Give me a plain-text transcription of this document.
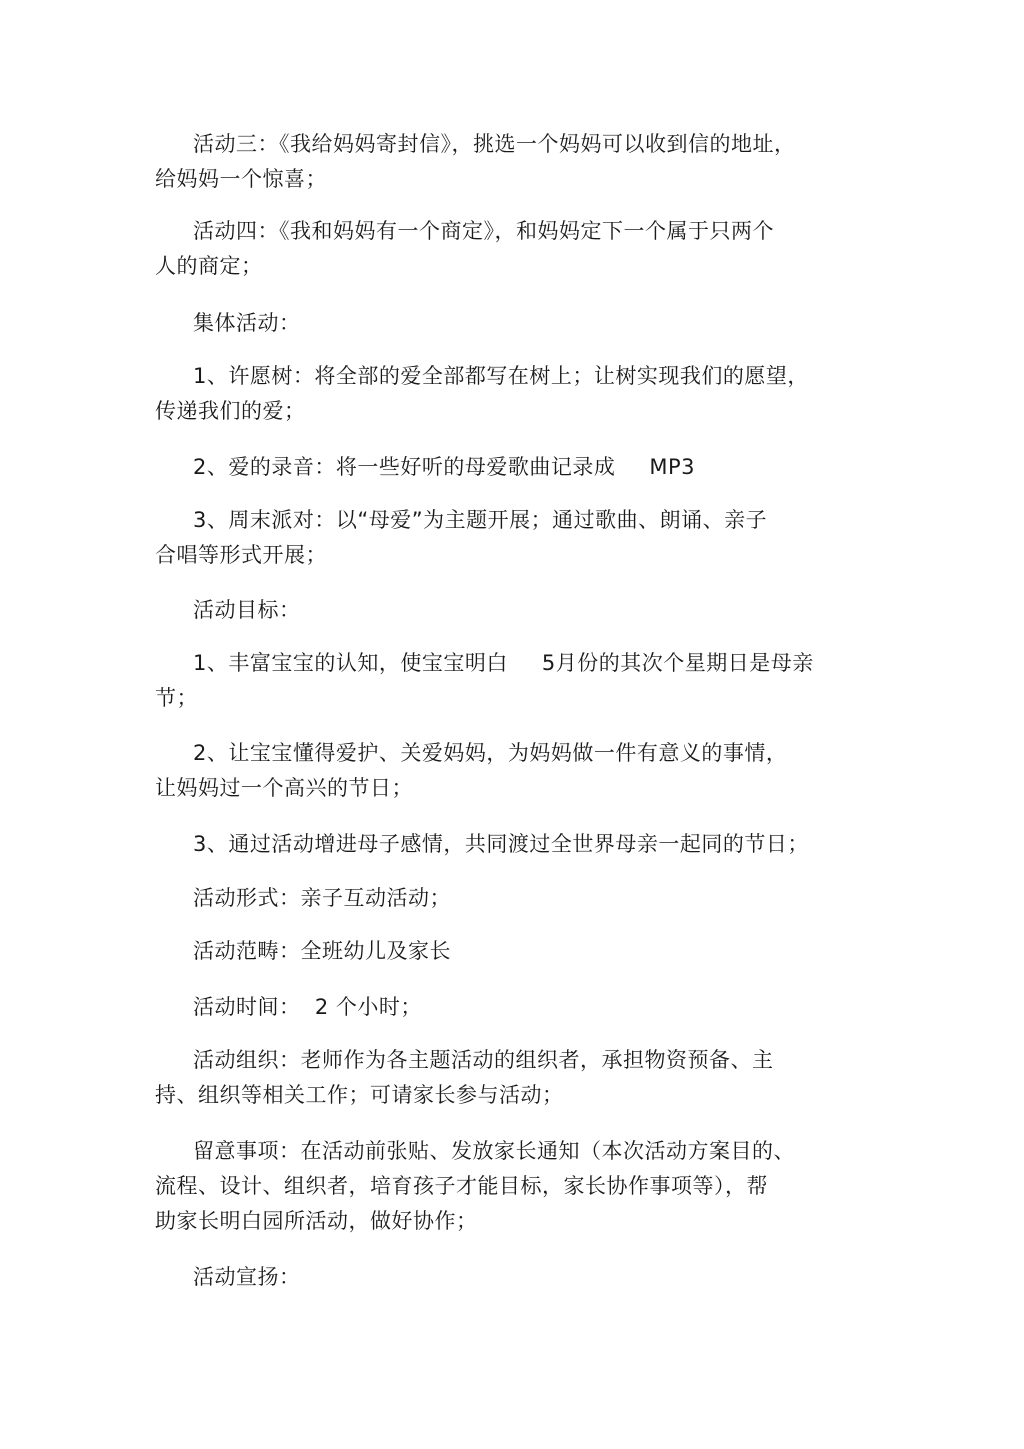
活动三：《我给妈妈寄封信》，挑选一个妈妈可以收到信的地址，
给妈妈一个惊喜；
活动四：《我和妈妈有一个商定》，和妈妈定下一个属于只两个
人的商定；
集体活动：
1、许愿树：将全部的爱全部都写在树上；让树实现我们的愿望，
传递我们的爱；
2、爱的录音：将一些好听的母爱歌曲记录成 MP3
3、周末派对：以“母爱”为主题开展；通过歌曲、朗诵、亲子
合唱等形式开展；
活动目标：
1、丰富宝宝的认知，使宝宝明白 5月份的其次个星期日是母亲
节；
2、让宝宝懂得爱护、关爱妈妈，为妈妈做一件有意义的事情，
让妈妈过一个高兴的节日；
3、通过活动增进母子感情，共同渡过全世界母亲一起同的节日；
活动形式：亲子互动活动；
活动范畴：全班幼儿及家长
活动时间： 2 个小时；
活动组织：老师作为各主题活动的组织者，承担物资预备、主
持、组织等相关工作；可请家长参与活动；
留意事项：在活动前张贴、发放家长通知（本次活动方案目的、
流程、设计、组织者，培育孩子才能目标，家长协作事项等），帮
助家长明白园所活动，做好协作；
活动宣扬：
